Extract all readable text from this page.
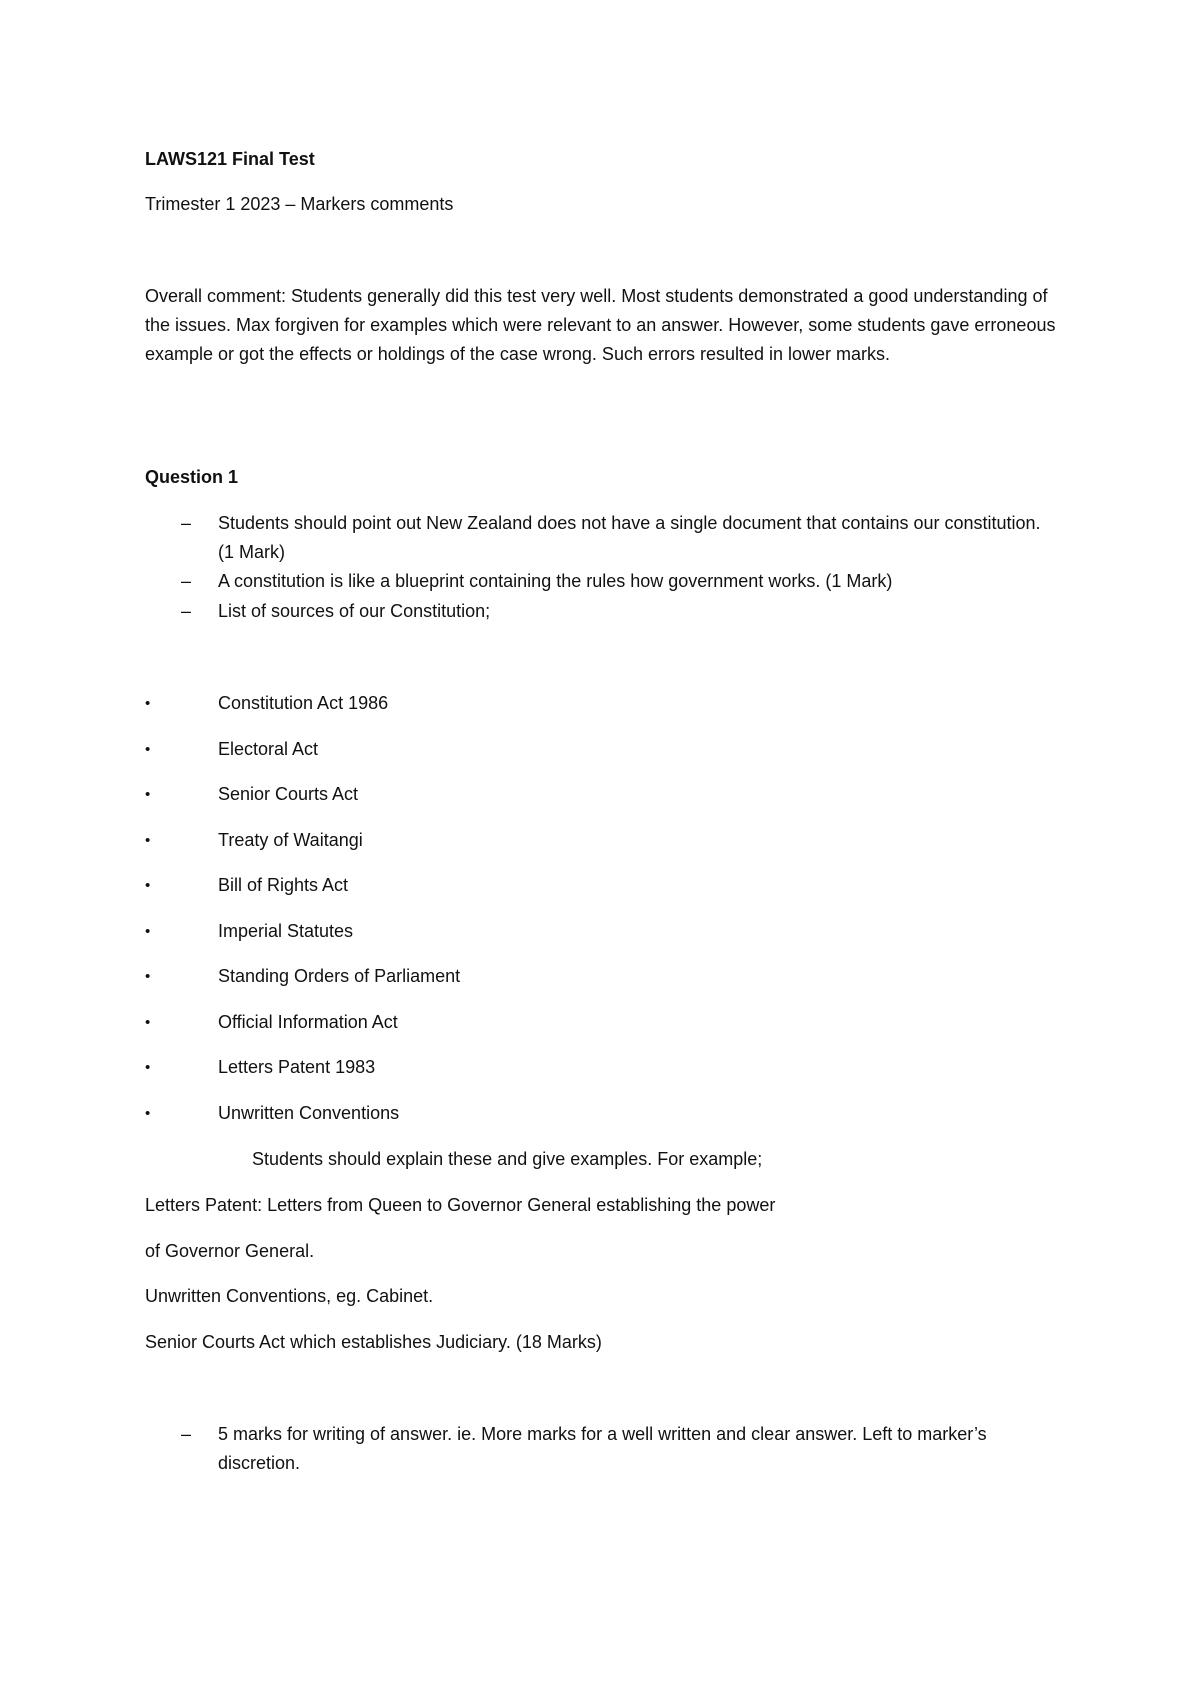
LAWS121 Final Test

Trimester 1 2023 – Markers comments

Overall comment: Students generally did this test very well. Most students demonstrated a good understanding of the issues. Max forgiven for examples which were relevant to an answer. However, some students gave erroneous example or got the effects or holdings of the case wrong. Such errors resulted in lower marks.

Question 1

– Students should point out New Zealand does not have a single document that contains our constitution. (1 Mark)
– A constitution is like a blueprint containing the rules how government works. (1 Mark)
– List of sources of our Constitution;
•	Constitution Act 1986
•	Electoral Act
•	Senior Courts Act
•	Treaty of Waitangi
•	Bill of Rights Act
•	Imperial Statutes
•	Standing Orders of Parliament
•	Official Information Act
•	Letters Patent 1983
•	Unwritten Conventions

Students should explain these and give examples. For example;

Letters Patent: Letters from Queen to Governor General establishing the power

of Governor General.

Unwritten Conventions, eg. Cabinet.

Senior Courts Act which establishes Judiciary. (18 Marks)

– 5 marks for writing of answer. ie. More marks for a well written and clear answer. Left to marker’s discretion.
